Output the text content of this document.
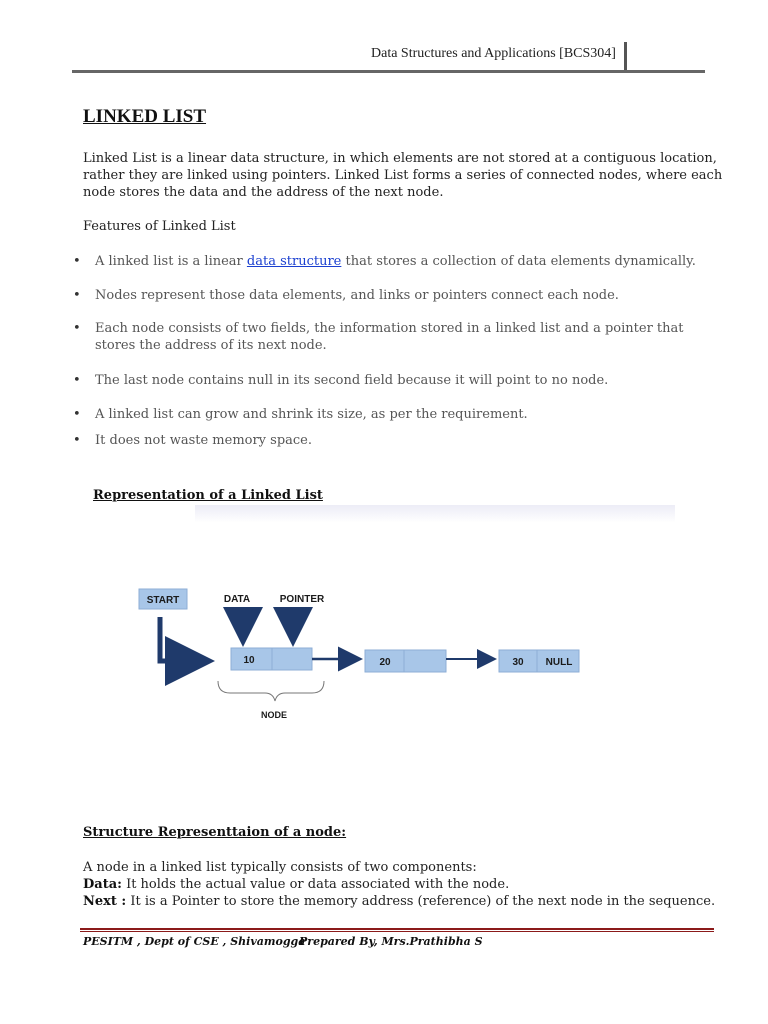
Data Structures and Applications [BCS304]
LINKED LIST
Linked List is a linear data structure, in which elements are not stored at a contiguous location, rather they are linked using pointers. Linked List forms a series of connected nodes, where each node stores the data and the address of the next node.
Features of Linked List
• A linked list is a linear data structure that stores a collection of data elements dynamically.
• Nodes represent those data elements, and links or pointers connect each node.
• Each node consists of two fields, the information stored in a linked list and a pointer that stores the address of its next node.
• The last node contains null in its second field because it will point to no node.
• A linked list can grow and shrink its size, as per the requirement.
• It does not waste memory space.
Representation of a Linked List
START	DATA	POINTER
10	20	30 NULL
NODE
Structure Representtaion of a node:
A node in a linked list typically consists of two components:
Data: It holds the actual value or data associated with the node.
Next : It is a Pointer to store the memory address (reference) of the next node in the sequence.
PESITM , Dept of CSE , Shivamogga
Prepared By, Mrs.Prathibha S
